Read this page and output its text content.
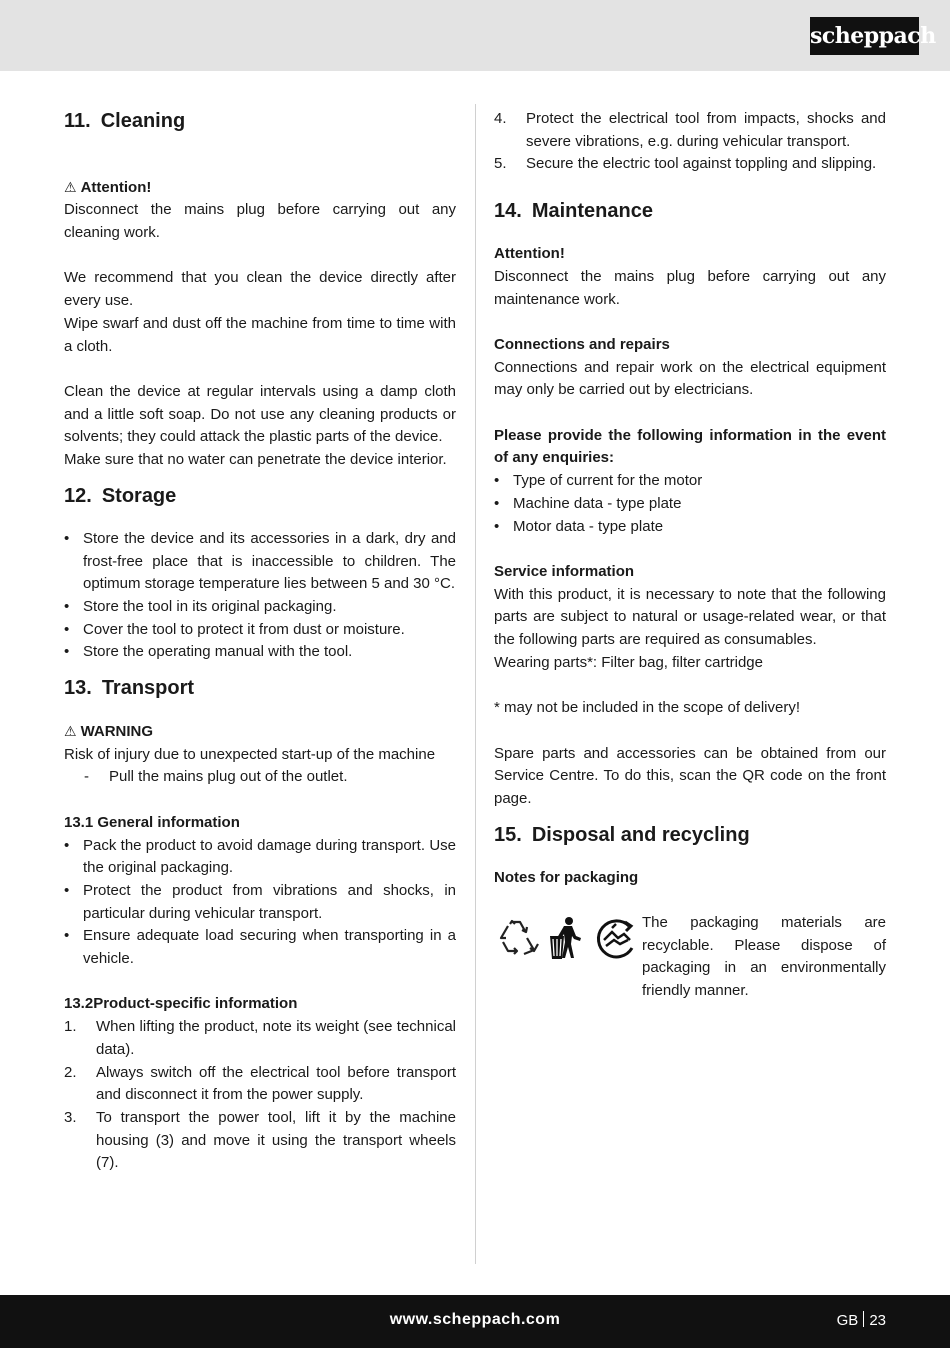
scheppach
11. Cleaning
⚠ Attention!

Disconnect the mains plug before carrying out any cleaning work.

We recommend that you clean the device directly after every use.

Wipe swarf and dust off the machine from time to time with a cloth.

Clean the device at regular intervals using a damp cloth and a little soft soap. Do not use any cleaning products or solvents; they could attack the plastic parts of the device.

Make sure that no water can penetrate the device interior.

12. Storage
• Store the device and its accessories in a dark, dry and frost-free place that is inaccessible to children. The optimum storage temperature lies between 5 and 30 °C.
• Store the tool in its original packaging.
• Cover the tool to protect it from dust or moisture.
• Store the operating manual with the tool.
13. Transport
⚠ WARNING

Risk of injury due to unexpected start-up of the machine

- Pull the mains plug out of the outlet.
13.1 General information
• Pack the product to avoid damage during transport. Use the original packaging.
• Protect the product from vibrations and shocks, in particular during vehicular transport.
• Ensure adequate load securing when transporting in a vehicle.
13.2Product-specific information
1. When lifting the product, note its weight (see technical data).
2. Always switch off the electrical tool before transport and disconnect it from the power supply.
3. To transport the power tool, lift it by the machine housing (3) and move it using the transport wheels (7).
4. Protect the electrical tool from impacts, shocks and severe vibrations, e.g. during vehicular transport.
5. Secure the electric tool against toppling and slipping.
14. Maintenance
Attention!

Disconnect the mains plug before carrying out any maintenance work.

Connections and repairs

Connections and repair work on the electrical equipment may only be carried out by electricians.

Please provide the following information in the event of any enquiries:

• Type of current for the motor
• Machine data - type plate
• Motor data - type plate
Service information

With this product, it is necessary to note that the following parts are subject to natural or usage-related wear, or that the following parts are required as consumables.

Wearing parts*: Filter bag, filter cartridge

* may not be included in the scope of delivery!

Spare parts and accessories can be obtained from our Service Centre. To do this, scan the QR code on the front page.

15. Disposal and recycling
Notes for packaging

The packaging materials are recyclable. Please dispose of packaging in an environmentally friendly manner.

www.scheppach.com	GB 23
